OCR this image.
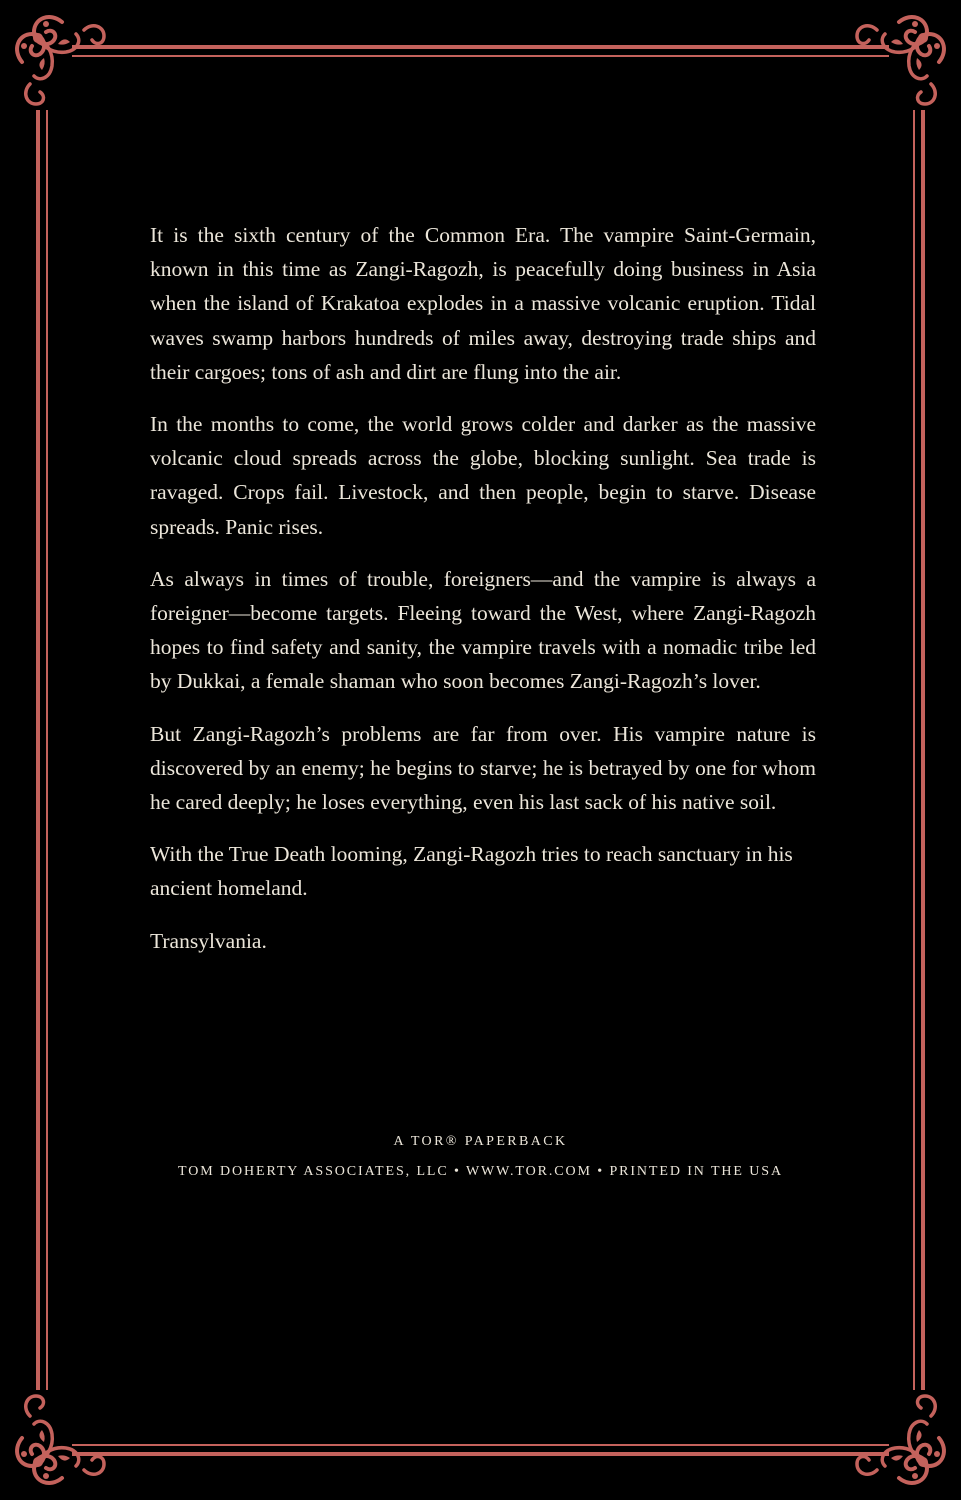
It is the sixth century of the Common Era. The vampire Saint-Germain, known in this time as Zangi-Ragozh, is peacefully doing business in Asia when the island of Krakatoa explodes in a massive volcanic eruption. Tidal waves swamp harbors hundreds of miles away, destroying trade ships and their cargoes; tons of ash and dirt are flung into the air.

In the months to come, the world grows colder and darker as the massive volcanic cloud spreads across the globe, blocking sunlight. Sea trade is ravaged. Crops fail. Livestock, and then people, begin to starve. Disease spreads. Panic rises.

As always in times of trouble, foreigners—and the vampire is always a foreigner—become targets. Fleeing toward the West, where Zangi-Ragozh hopes to find safety and sanity, the vampire travels with a nomadic tribe led by Dukkai, a female shaman who soon becomes Zangi-Ragozh’s lover.

But Zangi-Ragozh’s problems are far from over. His vampire nature is discovered by an enemy; he begins to starve; he is betrayed by one for whom he cared deeply; he loses everything, even his last sack of his native soil.

With the True Death looming, Zangi-Ragozh tries to reach sanctuary in his ancient homeland.

Transylvania.

A TOR® PAPERBACK
TOM DOHERTY ASSOCIATES, LLC • WWW.TOR.COM • PRINTED IN THE USA
